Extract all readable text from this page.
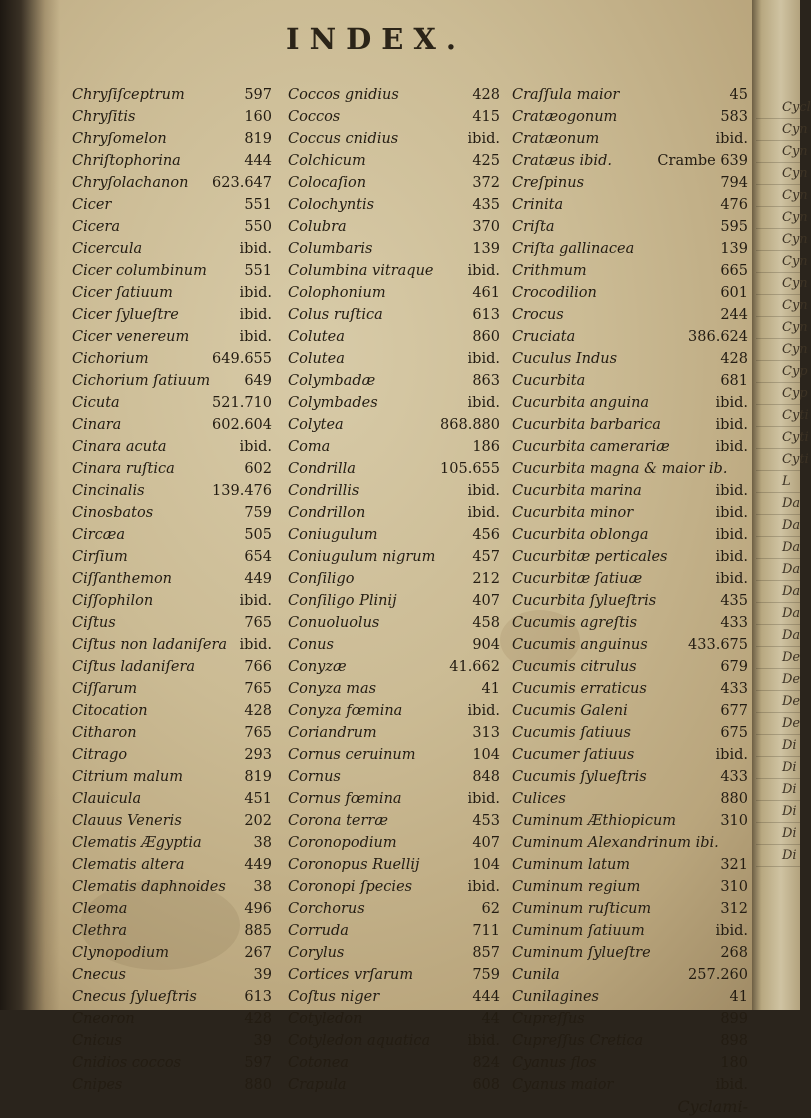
INDEX.
Chryſiſceptrum	597
Chryſitis	160
Chryſomelon	819
Chriſtophorina	444
Chryſolachanon 623.647
Cicer	551
Cicera	550
Cicercula	ibid.
Cicer columbinum	551
Cicer ſatiuum	ibid.
Cicer ſylueſtre	ibid.
Cicer venereum	ibid.
Cichorium	649.655
Cichorium ſatiuum 649
Cicuta	521.710
Cinara	602.604
Cinara acuta	ibid.
Cinara ruſtica	602
Cincinalis	139.476
Cinosbatos	759
Circæa	505
Cirſium	654
Ciſſanthemon	449
Ciſſophilon	ibid.
Ciſtus	765
Ciſtus non ladaniſera ibid.
Ciſtus ladaniſera	766
Ciſſarum	765
Citocation	428
Citharon	765
Citrago	293
Citrium malum	819
Clauicula	451
Clauus Veneris	202
Clematis Ægyptia	38
Clematis altera	449
Clematis daphnoides 38
Cleoma	496
Clethra	885
Clynopodium	267
Cnecus	39
Cnecus ſylueſtris	613
Cneoron	428
Cnicus	39
Cnidios coccos	597
Cnipes	880
Coccos gnidius	428
Coccos	415
Coccus cnidius	ibid.
Colchicum	425
Colocaſion	372
Colochyntis	435
Colubra	370
Columbaris	139
Columbina vitraque ibid.
Colophonium	461
Colus ruſtica	613
Colutea	860
Colutea	ibid.
Colymbadæ	863
Colymbades	ibid.
Colytea	868.880
Coma	186
Condrilla	105.655
Condrillis	ibid.
Condrillon	ibid.
Coniugulum	456
Coniugulum nigrum	457
Conſiligo	212
Conſiligo Plinij	407
Conuoluolus	458
Conus	904
Conyzæ	41.662
Conyza mas	41
Conyza fœmina	ibid.
Coriandrum	313
Cornus ceruinum	104
Cornus	848
Cornus fœmina	ibid.
Corona terræ	453
Coronopodium	407
Coronopus Ruellij	104
Coronopi ſpecies	ibid.
Corchorus	62
Corruda	711
Corylus	857
Cortices vrſarum	759
Coſtus niger	444
Cotyledon	44
Cotyledon aquatica	ibid.
Cotonea	824
Crapula	608
Craſſula maior	45
Cratæogonum	583
Cratæonum	ibid.
Cratæus ibid.	Crambe 639
Creſpinus	794
Crinita	476
Criſta	595
Criſta gallinacea	139
Crithmum	665
Crocodilion	601
Crocus	244
Cruciata	386.624
Cuculus Indus	428
Cucurbita	681
Cucurbita anguina	ibid.
Cucurbita barbarica	ibid.
Cucurbita camerariæ	ibid.
Cucurbita magna & maior ib.
Cucurbita marina	ibid.
Cucurbita minor	ibid.
Cucurbita oblonga	ibid.
Cucurbitæ perticales	ibid.
Cucurbitæ ſatiuæ	ibid.
Cucurbita ſylueſtris	435
Cucumis agreſtis	433
Cucumis anguinus	433.675
Cucumis citrulus	679
Cucumis erraticus	433
Cucumis Galeni	677
Cucumis ſatiuus	675
Cucumer ſatiuus	ibid.
Cucumis ſylueſtris	433
Culices	880
Cuminum Æthiopicum	310
Cuminum Alexandrinum ibi.
Cuminum latum	321
Cuminum regium	310
Cuminum ruſticum	312
Cuminum ſatiuum	ibid.
Cuminum ſylueſtre	268
Cunila	257.260
Cunilagines	41
Cupreſſus	899
Cupreſſus Cretica	898
Cyanus flos	180
Cyanus maior	ibid.
Cyclami-
Cycl
Cyn
Cyn
Cyn
Cyn
Cyn
Cyn
Cyn
Cyn
Cyn
Cyn
Cyn
Cyp
Cyp
Cyti
Cyti
Cyti
L
Da
Da
Da
Da
Da
Da
Da
De
De
De
De
Di
Di
Di
Di
Di
Di
